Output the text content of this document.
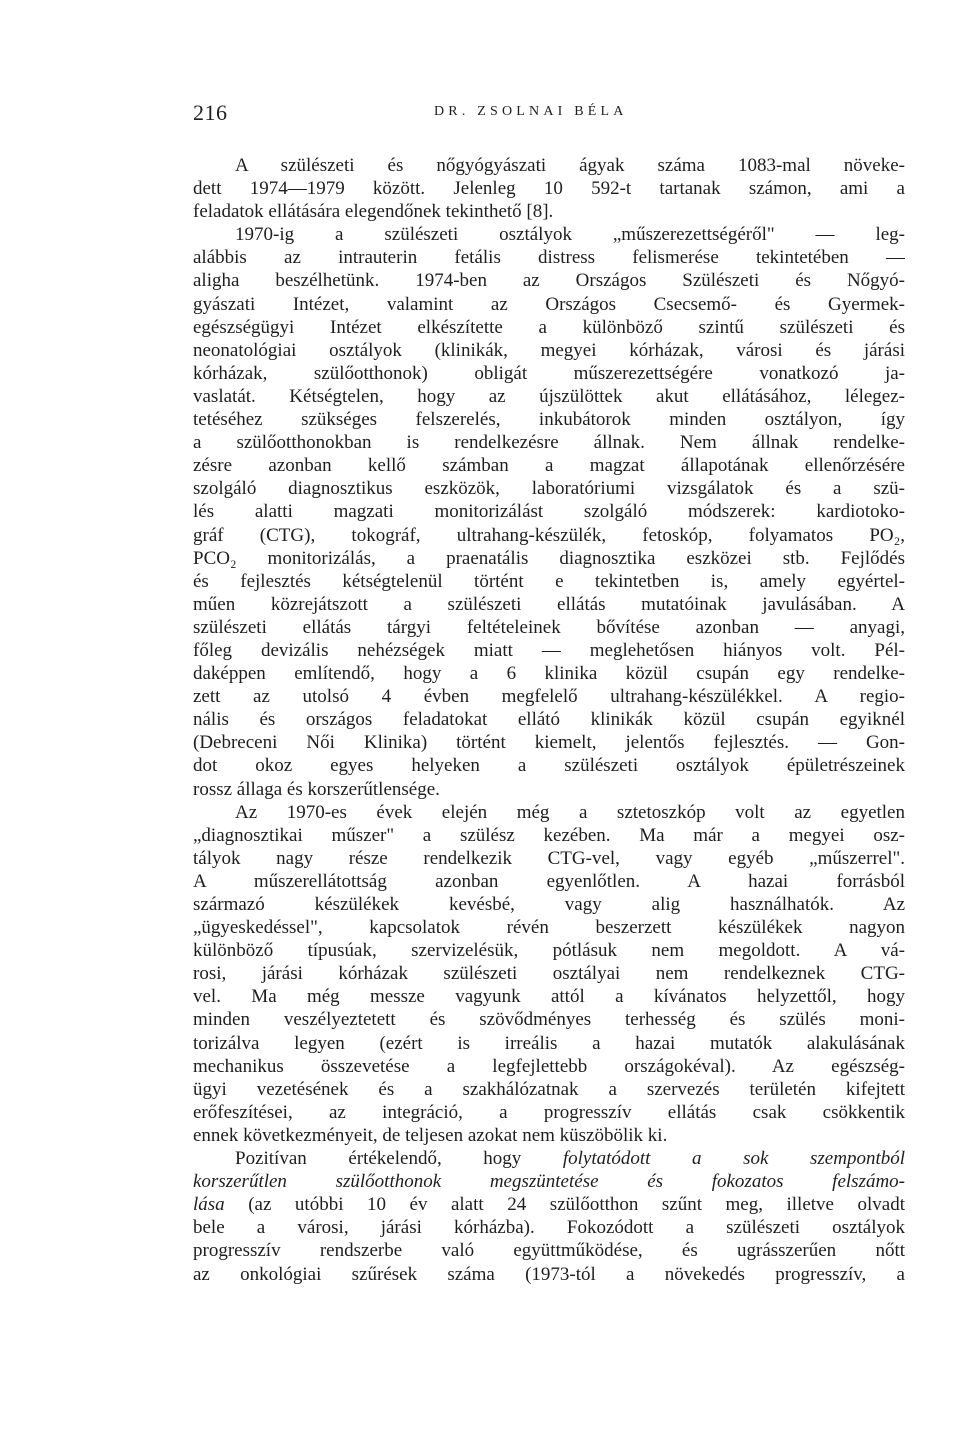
216	DR. ZSOLNAI BÉLA
A szülészeti és nőgyógyászati ágyak száma 1083-mal növeke-
dett 1974—1979 között. Jelenleg 10 592-t tartanak számon, ami a
feladatok ellátására elegendőnek tekinthető [8].
1970-ig a szülészeti osztályok „műszerezettségéről" — leg-
alábbis az intrauterin fetális distress felismerése tekintetében —
aligha beszélhetünk. 1974-ben az Országos Szülészeti és Nőgyó-
gyászati Intézet, valamint az Országos Csecsemő- és Gyermek-
egészségügyi Intézet elkészítette a különböző szintű szülészeti és
neonatológiai osztályok (klinikák, megyei kórházak, városi és járási
kórházak, szülőotthonok) obligát műszerezettségére vonatkozó ja-
vaslatát. Kétségtelen, hogy az újszülöttek akut ellátásához, lélegez-
tetéséhez szükséges felszerelés, inkubátorok minden osztályon, így
a szülőotthonokban is rendelkezésre állnak. Nem állnak rendelke-
zésre azonban kellő számban a magzat állapotának ellenőrzésére
szolgáló diagnosztikus eszközök, laboratóriumi vizsgálatok és a szü-
lés alatti magzati monitorizálást szolgáló módszerek: kardiotoko-
gráf (CTG), tokográf, ultrahang-készülék, fetoskóp, folyamatos PO₂,
PCO₂ monitorizálás, a praenatális diagnosztika eszközei stb. Fejlődés
és fejlesztés kétségtelenül történt e tekintetben is, amely egyértel-
műen közrejátszott a szülészeti ellátás mutatóinak javulásában. A
szülészeti ellátás tárgyi feltételeinek bővítése azonban — anyagi,
főleg devizális nehézségek miatt — meglehetősen hiányos volt. Pél-
daképpen említendő, hogy a 6 klinika közül csupán egy rendelke-
zett az utolsó 4 évben megfelelő ultrahang-készülékkel. A regio-
nális és országos feladatokat ellátó klinikák közül csupán egyiknél
(Debreceni Női Klinika) történt kiemelt, jelentős fejlesztés. — Gon-
dot okoz egyes helyeken a szülészeti osztályok épületrészeinek
rossz állaga és korszerűtlensége.
Az 1970-es évek elején még a sztetoszkóp volt az egyetlen
„diagnosztikai műszer" a szülész kezében. Ma már a megyei osz-
tályok nagy része rendelkezik CTG-vel, vagy egyéb „műszerrel".
A műszerellátottság azonban egyenlőtlen. A hazai forrásból
származó készülékek kevésbé, vagy alig használhatók. Az
„ügyeskedéssel", kapcsolatok révén beszerzett készülékek nagyon
különböző típusúak, szervizelésük, pótlásuk nem megoldott. A vá-
rosi, járási kórházak szülészeti osztályai nem rendelkeznek CTG-
vel. Ma még messze vagyunk attól a kívánatos helyzettől, hogy
minden veszélyeztetett és szövődményes terhesség és szülés moni-
torizálva legyen (ezért is irreális a hazai mutatók alakulásának
mechanikus összevetése a legfejlettebb országokéval). Az egészség-
ügyi vezetésének és a szakhálózatnak a szervezés területén kifejtett
erőfeszítései, az integráció, a progresszív ellátás csak csökkentik
ennek következményeit, de teljesen azokat nem küszöbölik ki.
Pozitívan értékelendő, hogy folytatódott a sok szempontból
korszerűtlen szülőotthonok megszüntetése és fokozatos felszámo-
lása (az utóbbi 10 év alatt 24 szülőotthon szűnt meg, illetve olvadt
bele a városi, járási kórházba). Fokozódott a szülészeti osztályok
progresszív rendszerbe való együttműködése, és ugrásszerűen nőtt
az onkológiai szűrések száma (1973-tól a növekedés progresszív, a
